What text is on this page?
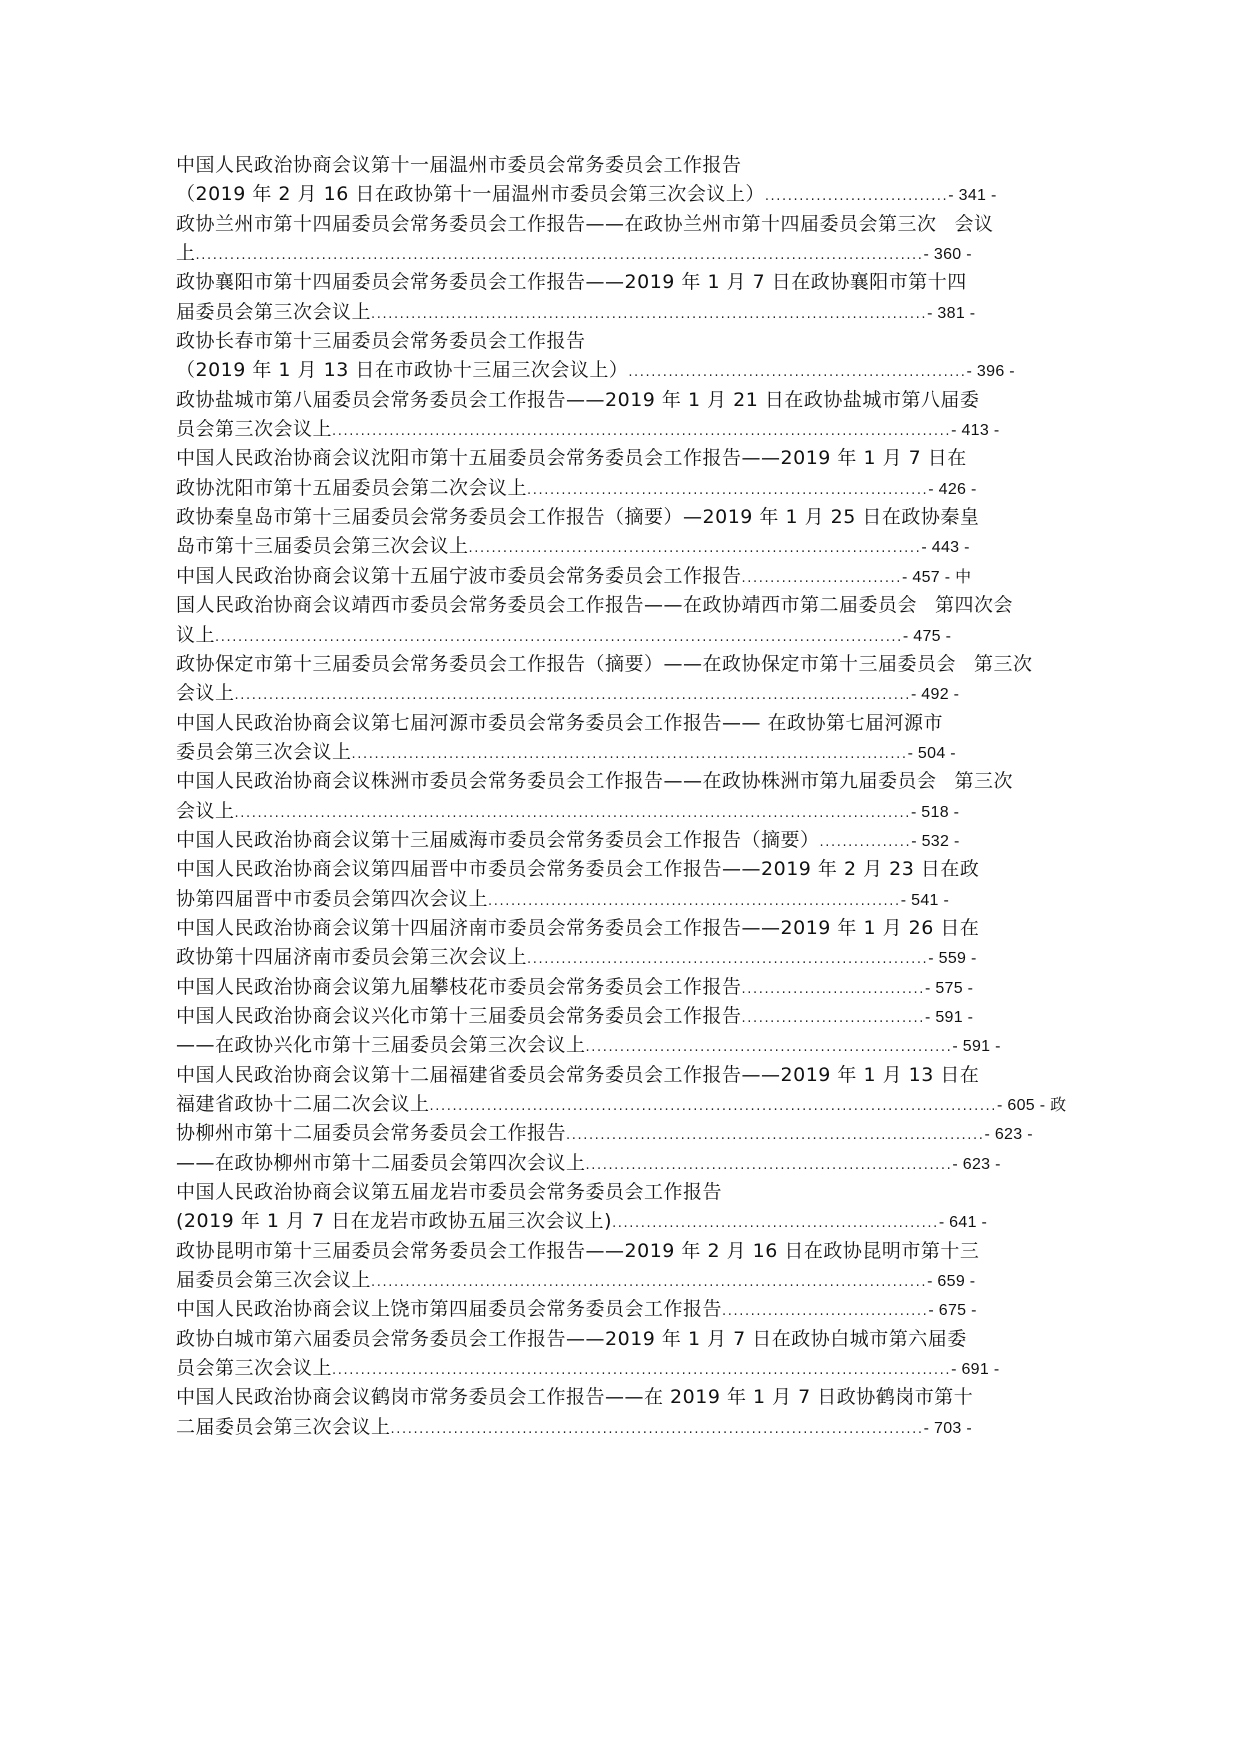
中国人民政治协商会议第十一届温州市委员会常务委员会工作报告
（2019 年 2 月 16 日在政协第十一届温州市委员会第三次会议上）................................- 341 -
政协兰州市第十四届委员会常务委员会工作报告——在政协兰州市第十四届委员会第三次 会议
上...............................................................................................................................- 360 -
政协襄阳市第十四届委员会常务委员会工作报告——2019 年 1 月 7 日在政协襄阳市第十四
届委员会第三次会议上.................................................................................................- 381 -
政协长春市第十三届委员会常务委员会工作报告
（2019 年 1 月 13 日在市政协十三届三次会议上）...........................................................- 396 -
政协盐城市第八届委员会常务委员会工作报告——2019 年 1 月 21 日在政协盐城市第八届委
员会第三次会议上............................................................................................................- 413 -
中国人民政治协商会议沈阳市第十五届委员会常务委员会工作报告——2019 年 1 月 7 日在
政协沈阳市第十五届委员会第二次会议上......................................................................- 426 -
政协秦皇岛市第十三届委员会常务委员会工作报告（摘要）—2019 年 1 月 25 日在政协秦皇
岛市第十三届委员会第三次会议上...............................................................................- 443 -
中国人民政治协商会议第十五届宁波市委员会常务委员会工作报告............................- 457 - 中
国人民政治协商会议靖西市委员会常务委员会工作报告——在政协靖西市第二届委员会 第四次会
议上........................................................................................................................- 475 -
政协保定市第十三届委员会常务委员会工作报告（摘要）——在政协保定市第十三届委员会 第三次
会议上......................................................................................................................- 492 -
中国人民政治协商会议第七届河源市委员会常务委员会工作报告—— 在政协第七届河源市
委员会第三次会议上.................................................................................................- 504 -
中国人民政治协商会议株洲市委员会常务委员会工作报告——在政协株洲市第九届委员会 第三次
会议上......................................................................................................................- 518 -
中国人民政治协商会议第十三届威海市委员会常务委员会工作报告（摘要）................- 532 -
中国人民政治协商会议第四届晋中市委员会常务委员会工作报告——2019 年 2 月 23 日在政
协第四届晋中市委员会第四次会议上........................................................................- 541 -
中国人民政治协商会议第十四届济南市委员会常务委员会工作报告——2019 年 1 月 26 日在
政协第十四届济南市委员会第三次会议上......................................................................- 559 -
中国人民政治协商会议第九届攀枝花市委员会常务委员会工作报告................................- 575 -
中国人民政治协商会议兴化市第十三届委员会常务委员会工作报告................................- 591 -
——在政协兴化市第十三届委员会第三次会议上................................................................- 591 -
中国人民政治协商会议第十二届福建省委员会常务委员会工作报告——2019 年 1 月 13 日在
福建省政协十二届二次会议上...................................................................................................- 605 - 政
协柳州市第十二届委员会常务委员会工作报告.........................................................................- 623 -
——在政协柳州市第十二届委员会第四次会议上................................................................- 623 -
中国人民政治协商会议第五届龙岩市委员会常务委员会工作报告
(2019 年 1 月 7 日在龙岩市政协五届三次会议上).........................................................- 641 -
政协昆明市第十三届委员会常务委员会工作报告——2019 年 2 月 16 日在政协昆明市第十三
届委员会第三次会议上.................................................................................................- 659 -
中国人民政治协商会议上饶市第四届委员会常务委员会工作报告....................................- 675 -
政协白城市第六届委员会常务委员会工作报告——2019 年 1 月 7 日在政协白城市第六届委
员会第三次会议上............................................................................................................- 691 -
中国人民政治协商会议鹤岗市常务委员会工作报告——在 2019 年 1 月 7 日政协鹤岗市第十
二届委员会第三次会议上.............................................................................................- 703 -
